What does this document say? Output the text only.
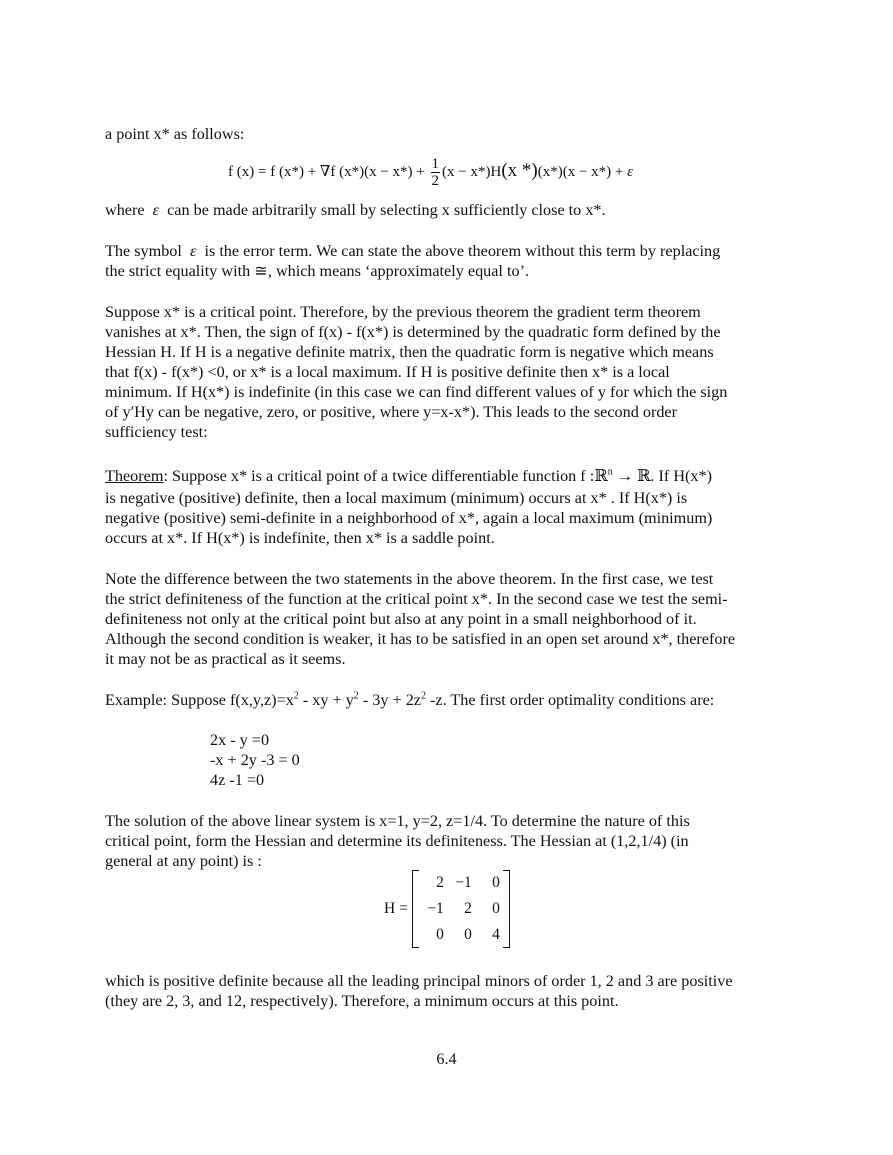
a point x* as follows:
f (x) = f (x*) + ∇f $(x*)(x - x*) + \frac{1}{2} (x - x*)H(x$ *)(x*)(x − x*) + ε
where ε can be made arbitrarily small by selecting x sufficiently close to x*.
The symbol ε is the error term. We can state the above theorem without this term by replacing
the strict equality with ≅, which means ‘approximately equal to’.
Suppose x* is a critical point. Therefore, by the previous theorem the gradient term theorem
vanishes at x*. Then, the sign of f(x) - f(x*) is determined by the quadratic form defined by the
Hessian H. If H is a negative definite matrix, then the quadratic form is negative which means
that f(x) - f(x*) <0, or x* is a local maximum. If H is positive definite then x* is a local
minimum. If H(x*) is indefinite (in this case we can find different values of y for which the sign
of y′Hy can be negative, zero, or positive, where y=x-x*). This leads to the second order
sufficiency test:
Theorem: Suppose x* is a critical point of a twice differentiable function f :ℝ$^n$ → ℝ. If H(x*)
is negative (positive) definite, then a local maximum (minimum) occurs at x* . If H(x*) is
negative (positive) semi-definite in a neighborhood of x*, again a local maximum (minimum)
occurs at x*. If H(x*) is indefinite, then x* is a saddle point.
Note the difference between the two statements in the above theorem. In the first case, we test
the strict definiteness of the function at the critical point x*. In the second case we test the semi-
definiteness not only at the critical point but also at any point in a small neighborhood of it.
Although the second condition is weaker, it has to be satisfied in an open set around x*, therefore
it may not be as practical as it seems.
Example: Suppose $f(x,y,z)=x^2$ - xy + $y^2 - 3y + 2z^2$ -z. The first order optimality conditions are:
2x - y =0
-x + 2y -3 = 0
4z -1 =0
The solution of the above linear system is x=1, y=2, z=1/4. To determine the nature of this
critical point, form the Hessian and determine its definiteness. The Hessian at (1,2,1/4) (in
general at any point) is :
H =
2	−1	0
−1	2	0
0	0	4
which is positive definite because all the leading principal minors of order 1, 2 and 3 are positive
(they are 2, 3, and 12, respectively). Therefore, a minimum occurs at this point.
6.4
